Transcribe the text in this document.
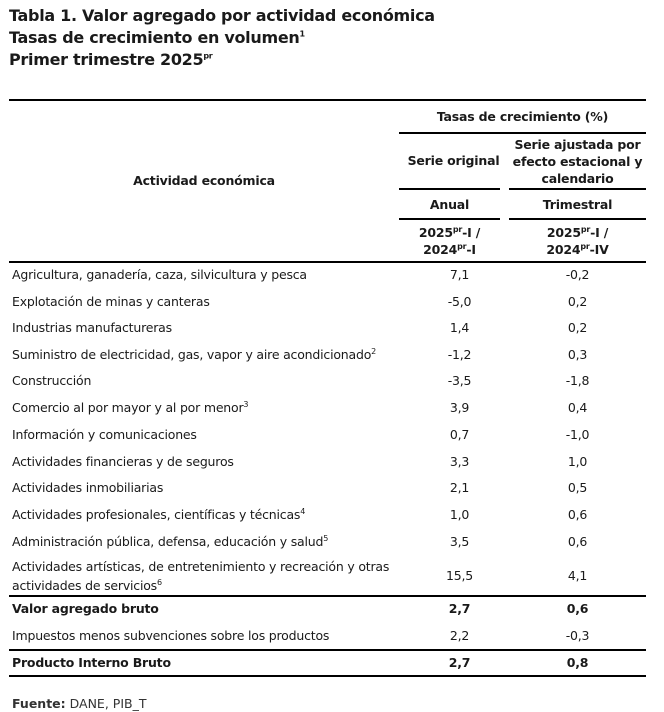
Tabla 1. Valor agregado por actividad económica
Tasas de crecimiento en volumen$^1$
Primer trimestre $2025^{pr}$
Actividad económica
Tasas de crecimiento (%)
Serie original
Serie ajustada por
efecto estacional y
calendario
Anual	Trimestral
$2025^{pr}-I$ /
$2024^{pr}-I$
$2025^{pr}-I$ /
$2024^{pr}-IV$
Agricultura, ganadería, caza, silvicultura y pesca	7,1	-0,2
Explotación de minas y canteras	-5,0	0,2
Industrias manufactureras	1,4	0,2
Suministro de electricidad, gas, vapor y aire acondicionado$^2$	-1,2	0,3
Construcción	-3,5	-1,8
Comercio al por mayor y al por menor$^3$	3,9	0,4
Información y comunicaciones	0,7	-1,0
Actividades financieras y de seguros	3,3	1,0
Actividades inmobiliarias	2,1	0,5
Actividades profesionales, científicas y técnicas$^4$	1,0	0,6
Administración pública, defensa, educación y salud$^5$	3,5	0,6
Actividades artísticas, de entretenimiento y recreación y otras
actividades de servicios$^6$	15,5	4,1
Valor agregado bruto	2,7	0,6
Impuestos menos subvenciones sobre los productos	2,2	-0,3
Producto Interno Bruto	2,7	0,8
Fuente: DANE, PIB_T
